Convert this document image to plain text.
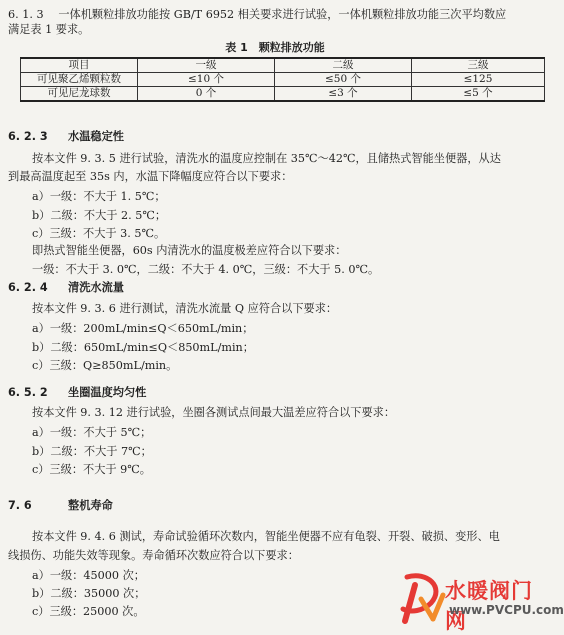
6. 1. 3　 一体机颗粒排放功能按 GB/T 6952 相关要求进行试验，一体机颗粒排放功能三次平均数应
满足表 1 要求。
表 1　颗粒排放功能
项目	一级	二级	三级
可见聚乙烯颗粒数	≤10 个	≤50 个	≤125
可见尼龙球数	0 个	≤3 个	≤5 个
6. 2. 3 水温稳定性
按本文件 9. 3. 5 进行试验，清洗水的温度应控制在 35℃～42℃，且储热式智能坐便器，从达
到最高温度起至 35s 内，水温下降幅度应符合以下要求：
a）一级：不大于 1. 5℃；
b）二级：不大于 2. 5℃；
c）三级：不大于 3. 5℃。
即热式智能坐便器，60s 内清洗水的温度极差应符合以下要求：
一级：不大于 3. 0℃，二级：不大于 4. 0℃，三级：不大于 5. 0℃。
6. 2. 4 清洗水流量
按本文件 9. 3. 6 进行测试，清洗水流量 Q 应符合以下要求：
a）一级：200mL/min≤Q＜650mL/min；
b）二级：650mL/min≤Q＜850mL/min；
c）三级：Q≥850mL/min。
6. 5. 2 坐圈温度均匀性
按本文件 9. 3. 12 进行试验，坐圈各测试点间最大温差应符合以下要求：
a）一级：不大于 5℃；
b）二级：不大于 7℃；
c）三级：不大于 9℃。
7. 6	整机寿命
按本文件 9. 4. 6 测试，寿命试验循环次数内，智能坐便器不应有龟裂、开裂、破损、变形、电
线损伤、功能失效等现象。寿命循环次数应符合以下要求：
a）一级：45000 次；
b）二级：35000 次；
c）三级：25000 次。
水暖阀门网
www.PVCPU.com
